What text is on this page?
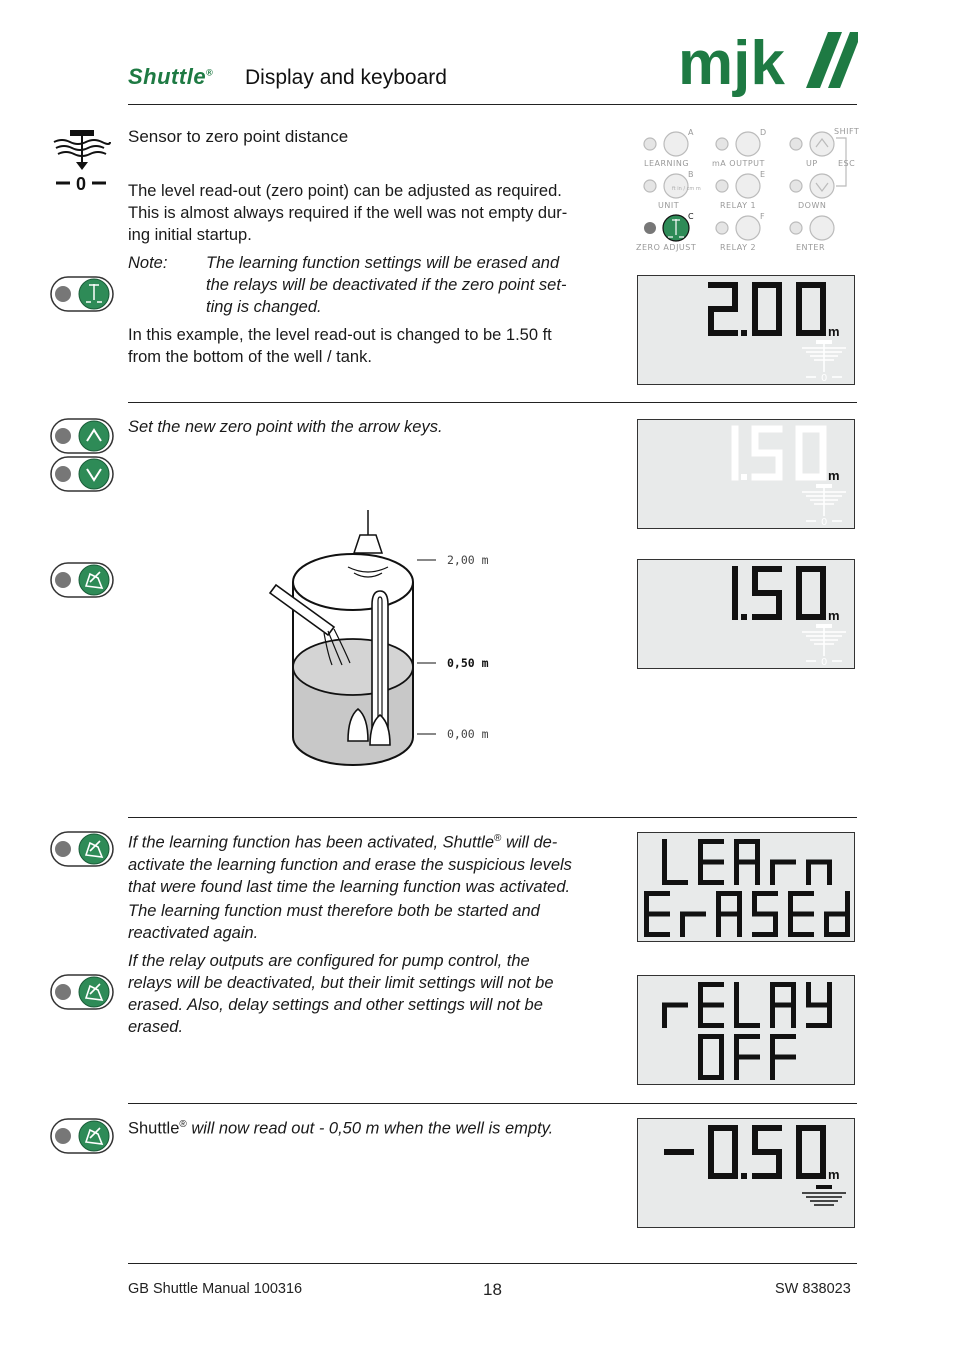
Shuttle® Display and keyboard	mjk
0
Sensor to zero point distance
The level read-out (zero point) can be adjusted as required.
This is almost always required if the well was not empty dur-
ing initial startup.
Note: The learning function settings will be erased and
the relays will be deactivated if the zero point set-
ting is changed.
In this example, the level read-out is changed to be 1.50 ft
from the bottom of the well / tank.
ft in / cm m
LEARNING	mA OUTPUT
SHIFT
UNIT	RELAY 1
ESC
UP
DOWN
ZERO ADJUST	RELAY 2	ENTER
A	D
B	E
C	F
m
0
Set the new zero point with the arrow keys.
m
0
m
0
2,00 m
0,50 m
0,00 m
If the learning function has been activated, Shuttle® will de-
activate the learning function and erase the suspicious levels
that were found last time the learning function was activated.
The learning function must therefore both be started and
reactivated again.
If the relay outputs are configured for pump control, the
relays will be deactivated, but their limit settings will not be
erased. Also, delay settings and other settings will not be
erased.
Shuttle® will now read out - 0,50 m when the well is empty.
m
GB Shuttle Manual 100316	18	SW 838023
